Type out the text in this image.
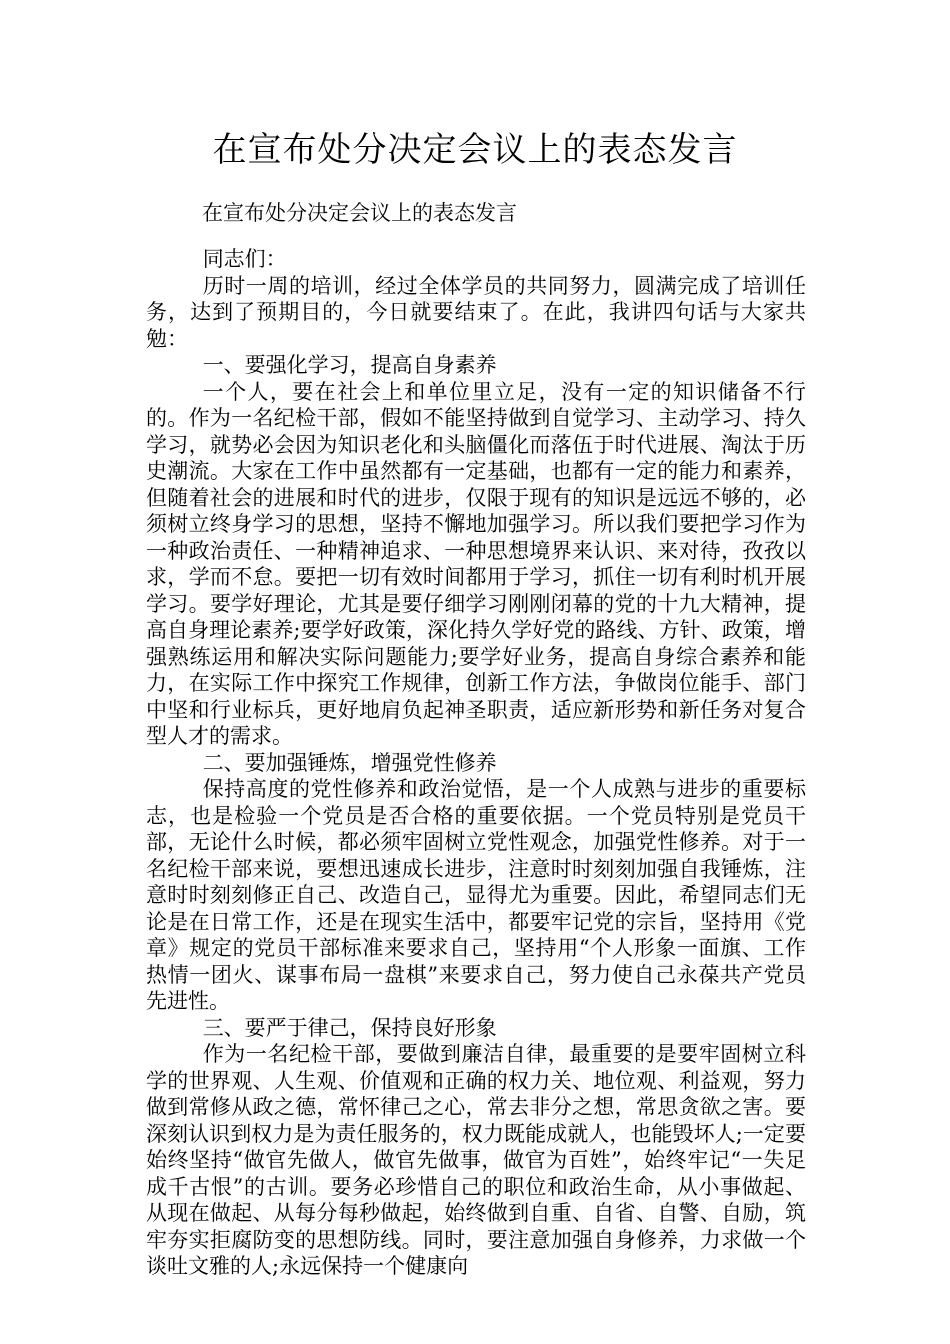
在宣布处分决定会议上的表态发言

在宣布处分决定会议上的表态发言

同志们：

历时一周的培训，经过全体学员的共同努力，圆满完成了培训任务，达到了预期目的，今日就要结束了。在此，我讲四句话与大家共勉：

一、要强化学习，提高自身素养

一个人，要在社会上和单位里立足，没有一定的知识储备不行的。作为一名纪检干部，假如不能坚持做到自觉学习、主动学习、持久学习，就势必会因为知识老化和头脑僵化而落伍于时代进展、淘汰于历史潮流。大家在工作中虽然都有一定基础，也都有一定的能力和素养，但随着社会的进展和时代的进步，仅限于现有的知识是远远不够的，必须树立终身学习的思想，坚持不懈地加强学习。所以我们要把学习作为一种政治责任、一种精神追求、一种思想境界来认识、来对待，孜孜以求，学而不怠。要把一切有效时间都用于学习，抓住一切有利时机开展学习。要学好理论，尤其是要仔细学习刚刚闭幕的党的十九大精神，提高自身理论素养;要学好政策，深化持久学好党的路线、方针、政策，增强熟练运用和解决实际问题能力;要学好业务，提高自身综合素养和能力，在实际工作中探究工作规律，创新工作方法，争做岗位能手、部门中坚和行业标兵，更好地肩负起神圣职责，适应新形势和新任务对复合型人才的需求。

二、要加强锤炼，增强党性修养

保持高度的党性修养和政治觉悟，是一个人成熟与进步的重要标志，也是检验一个党员是否合格的重要依据。一个党员特别是党员干部，无论什么时候，都必须牢固树立党性观念，加强党性修养。对于一名纪检干部来说，要想迅速成长进步，注意时时刻刻加强自我锤炼，注意时时刻刻修正自己、改造自己，显得尤为重要。因此，希望同志们无论是在日常工作，还是在现实生活中，都要牢记党的宗旨，坚持用《党章》规定的党员干部标准来要求自己，坚持用“个人形象一面旗、工作热情一团火、谋事布局一盘棋”来要求自己，努力使自己永葆共产党员先进性。

三、要严于律己，保持良好形象

作为一名纪检干部，要做到廉洁自律，最重要的是要牢固树立科学的世界观、人生观、价值观和正确的权力关、地位观、利益观，努力做到常修从政之德，常怀律己之心，常去非分之想，常思贪欲之害。要深刻认识到权力是为责任服务的，权力既能成就人，也能毁坏人;一定要始终坚持“做官先做人，做官先做事，做官为百姓”，始终牢记“一失足成千古恨”的古训。要务必珍惜自己的职位和政治生命，从小事做起、从现在做起、从每分每秒做起，始终做到自重、自省、自警、自励，筑牢夯实拒腐防变的思想防线。同时，要注意加强自身修养，力求做一个谈吐文雅的人;永远保持一个健康向
